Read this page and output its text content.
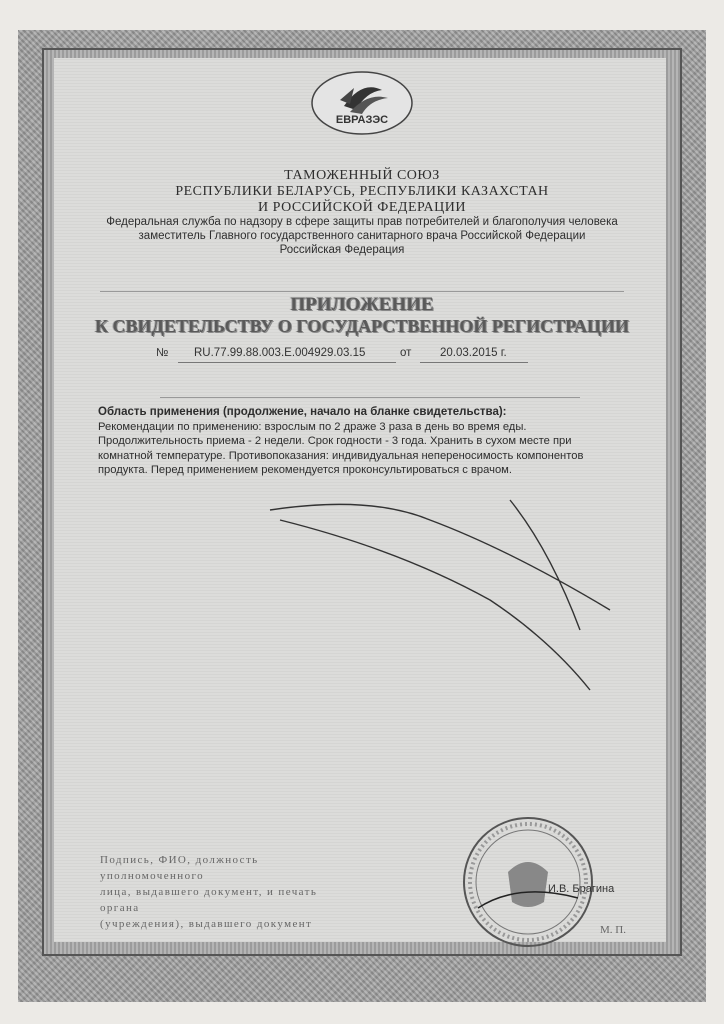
ЕВРАЗЭС
ТАМОЖЕННЫЙ СОЮЗ
РЕСПУБЛИКИ БЕЛАРУСЬ, РЕСПУБЛИКИ КАЗАХСТАН
И РОССИЙСКОЙ ФЕДЕРАЦИИ
Федеральная служба по надзору в сфере защиты прав потребителей и благополучия человека
заместитель Главного государственного санитарного врача Российской Федерации
Российская Федерация
ПРИЛОЖЕНИЕ
К СВИДЕТЕЛЬСТВУ О ГОСУДАРСТВЕННОЙ РЕГИСТРАЦИИ
№ RU.77.99.88.003.Е.004929.03.15	от 20.03.2015 г.
Область применения (продолжение, начало на бланке свидетельства):
Рекомендации по применению: взрослым по 2 драже 3 раза в день во время еды.
Продолжительность приема - 2 недели. Срок годности - 3 года. Хранить в сухом месте при
комнатной температуре. Противопоказания: индивидуальная непереносимость компонентов
продукта. Перед применением рекомендуется проконсультироваться с врачом.
Подпись, ФИО, должность уполномоченного
лица, выдавшего документ, и печать органа
(учреждения), выдавшего документ
И.В. Брагина
М. П.
